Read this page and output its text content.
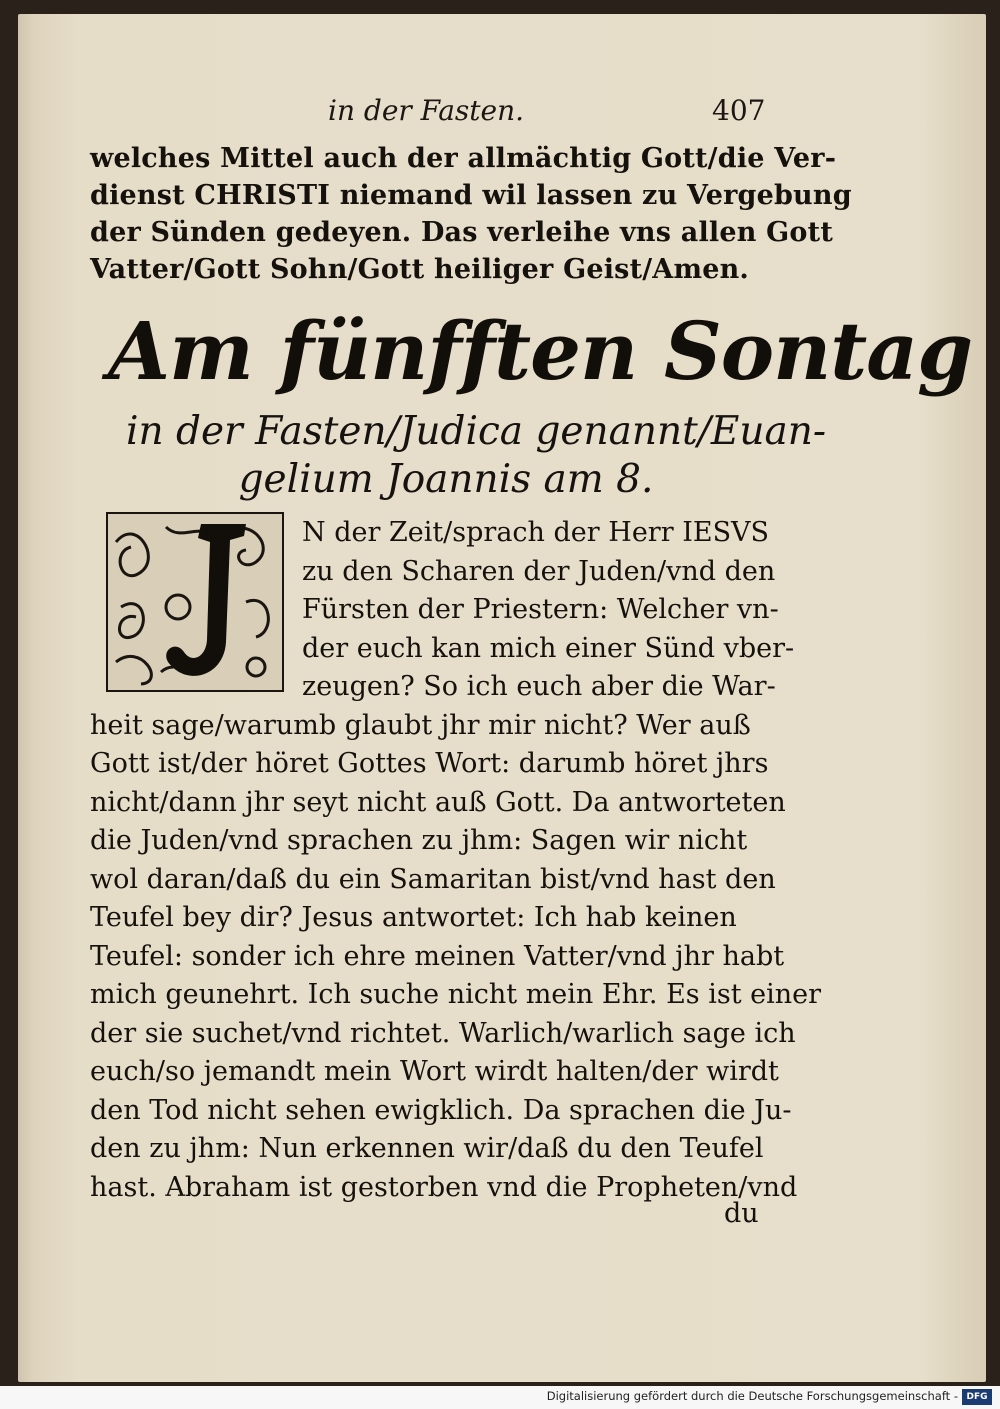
in der Fasten.	407
welches Mittel auch der allmächtig Gott/die Ver-
dienst CHRISTI niemand wil lassen zu Vergebung
der Sünden gedeyen. Das verleihe vns allen Gott
Vatter/Gott Sohn/Gott heiliger Geist/Amen.
Am fünfften Sontag
in der Fasten/Judica genannt/Euan-
gelium Joannis am 8.
N der Zeit/sprach der Herr IESVS
zu den Scharen der Juden/vnd den
Fürsten der Priestern: Welcher vn-
der euch kan mich einer Sünd vber-
zeugen? So ich euch aber die War-
heit sage/warumb glaubt jhr mir nicht? Wer auß
Gott ist/der höret Gottes Wort: darumb höret jhrs
nicht/dann jhr seyt nicht auß Gott. Da antworteten
die Juden/vnd sprachen zu jhm: Sagen wir nicht
wol daran/daß du ein Samaritan bist/vnd hast den
Teufel bey dir? Jesus antwortet: Ich hab keinen
Teufel: sonder ich ehre meinen Vatter/vnd jhr habt
mich geunehrt. Ich suche nicht mein Ehr. Es ist einer
der sie suchet/vnd richtet. Warlich/warlich sage ich
euch/so jemandt mein Wort wirdt halten/der wirdt
den Tod nicht sehen ewigklich. Da sprachen die Ju-
den zu jhm: Nun erkennen wir/daß du den Teufel
hast. Abraham ist gestorben vnd die Propheten/vnd
du
Digitalisierung gefördert durch die Deutsche Forschungsgemeinschaft - DFG
